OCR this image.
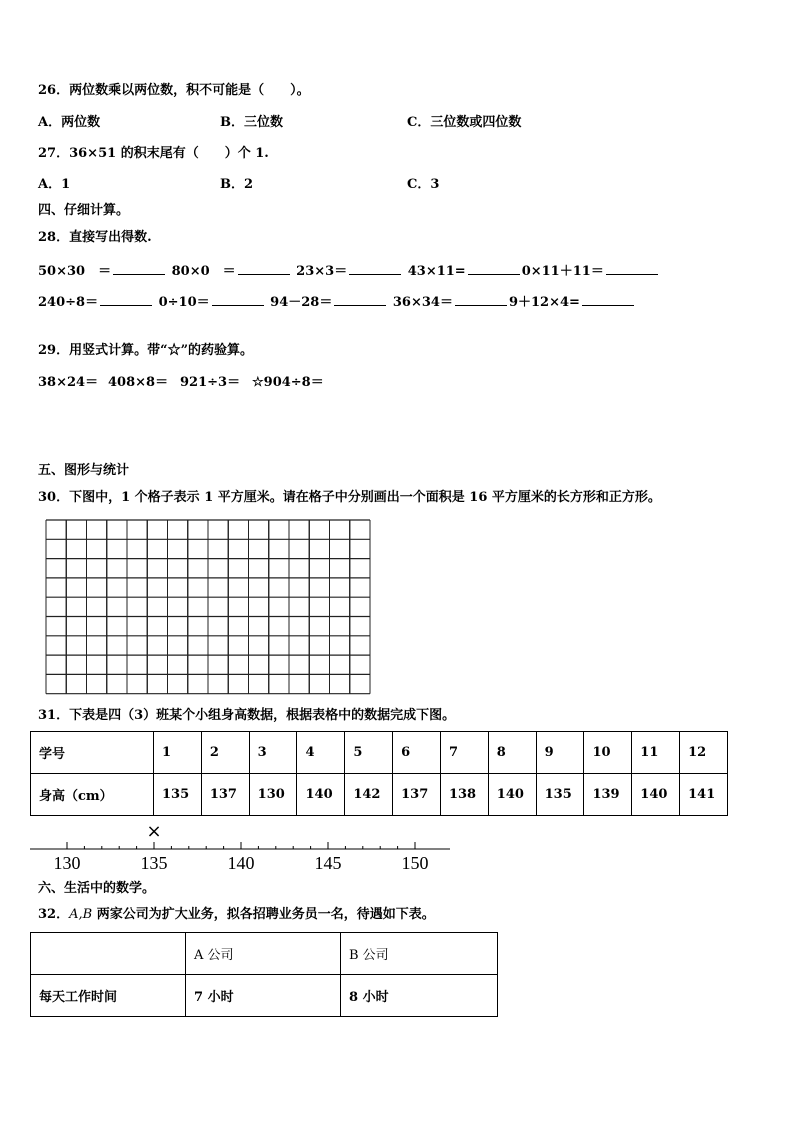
26．两位数乘以两位数，积不可能是（　　）。
A．两位数	B．三位数	C．三位数或四位数
27．36×51 的积末尾有（　　）个 1.
A．1	B．2	C．3
四、仔细计算。
28．直接写出得数.
50×30　＝	80×0　＝	23×3＝	43×11=	0×11＋11＝
240÷8＝	0÷10＝	94－28＝	36×34＝	9＋12×4=
29．用竖式计算。带“☆”的药验算。
38×24＝ 408×8＝ 921÷3＝ ☆904÷8＝
五、图形与统计
30．下图中，1 个格子表示 1 平方厘米。请在格子中分别画出一个面积是 16 平方厘米的长方形和正方形。
31．下表是四（3）班某个小组身高数据，根据表格中的数据完成下图。
学号	1	2	3	4	5	6	7	8	9	10	11	12
身高（cm）	135	137	130	140	142	137	138	140	135	139	140	141
130	135	140	145	150
×
六、生活中的数学。
32．A,B 两家公司为扩大业务，拟各招聘业务员一名，待遇如下表。
	A 公司	B 公司
每天工作时间	7 小时	8 小时
